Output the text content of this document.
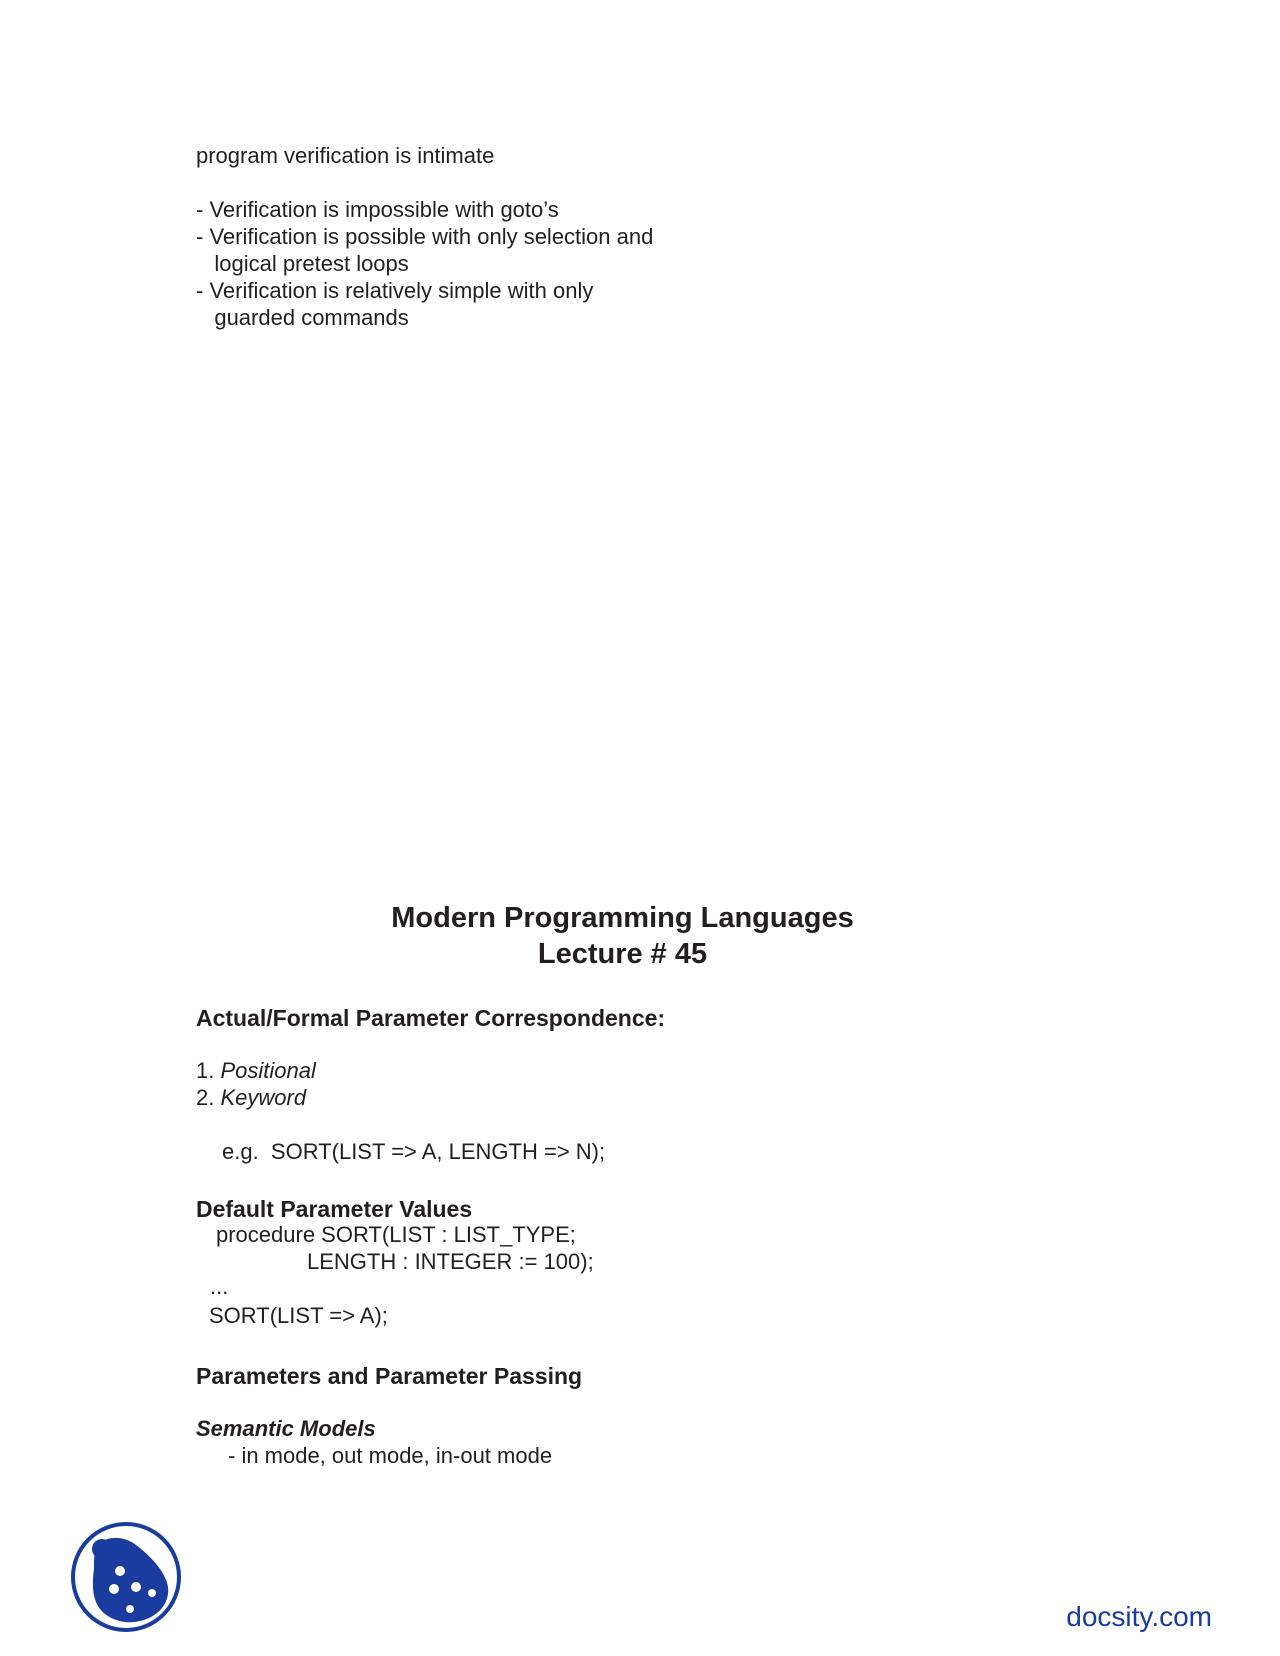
program verification is intimate
- Verification is impossible with goto’s
- Verification is possible with only selection and
logical pretest loops
- Verification is relatively simple with only
guarded commands
Modern Programming Languages
Lecture # 45
Actual/Formal Parameter Correspondence:
1. Positional
2. Keyword
e.g.  SORT(LIST => A, LENGTH => N);
Default Parameter Values
procedure SORT(LIST : LIST_TYPE;
LENGTH : INTEGER := 100);
...
SORT(LIST => A);
Parameters and Parameter Passing
Semantic Models
- in mode, out mode, in-out mode
docsity.com
